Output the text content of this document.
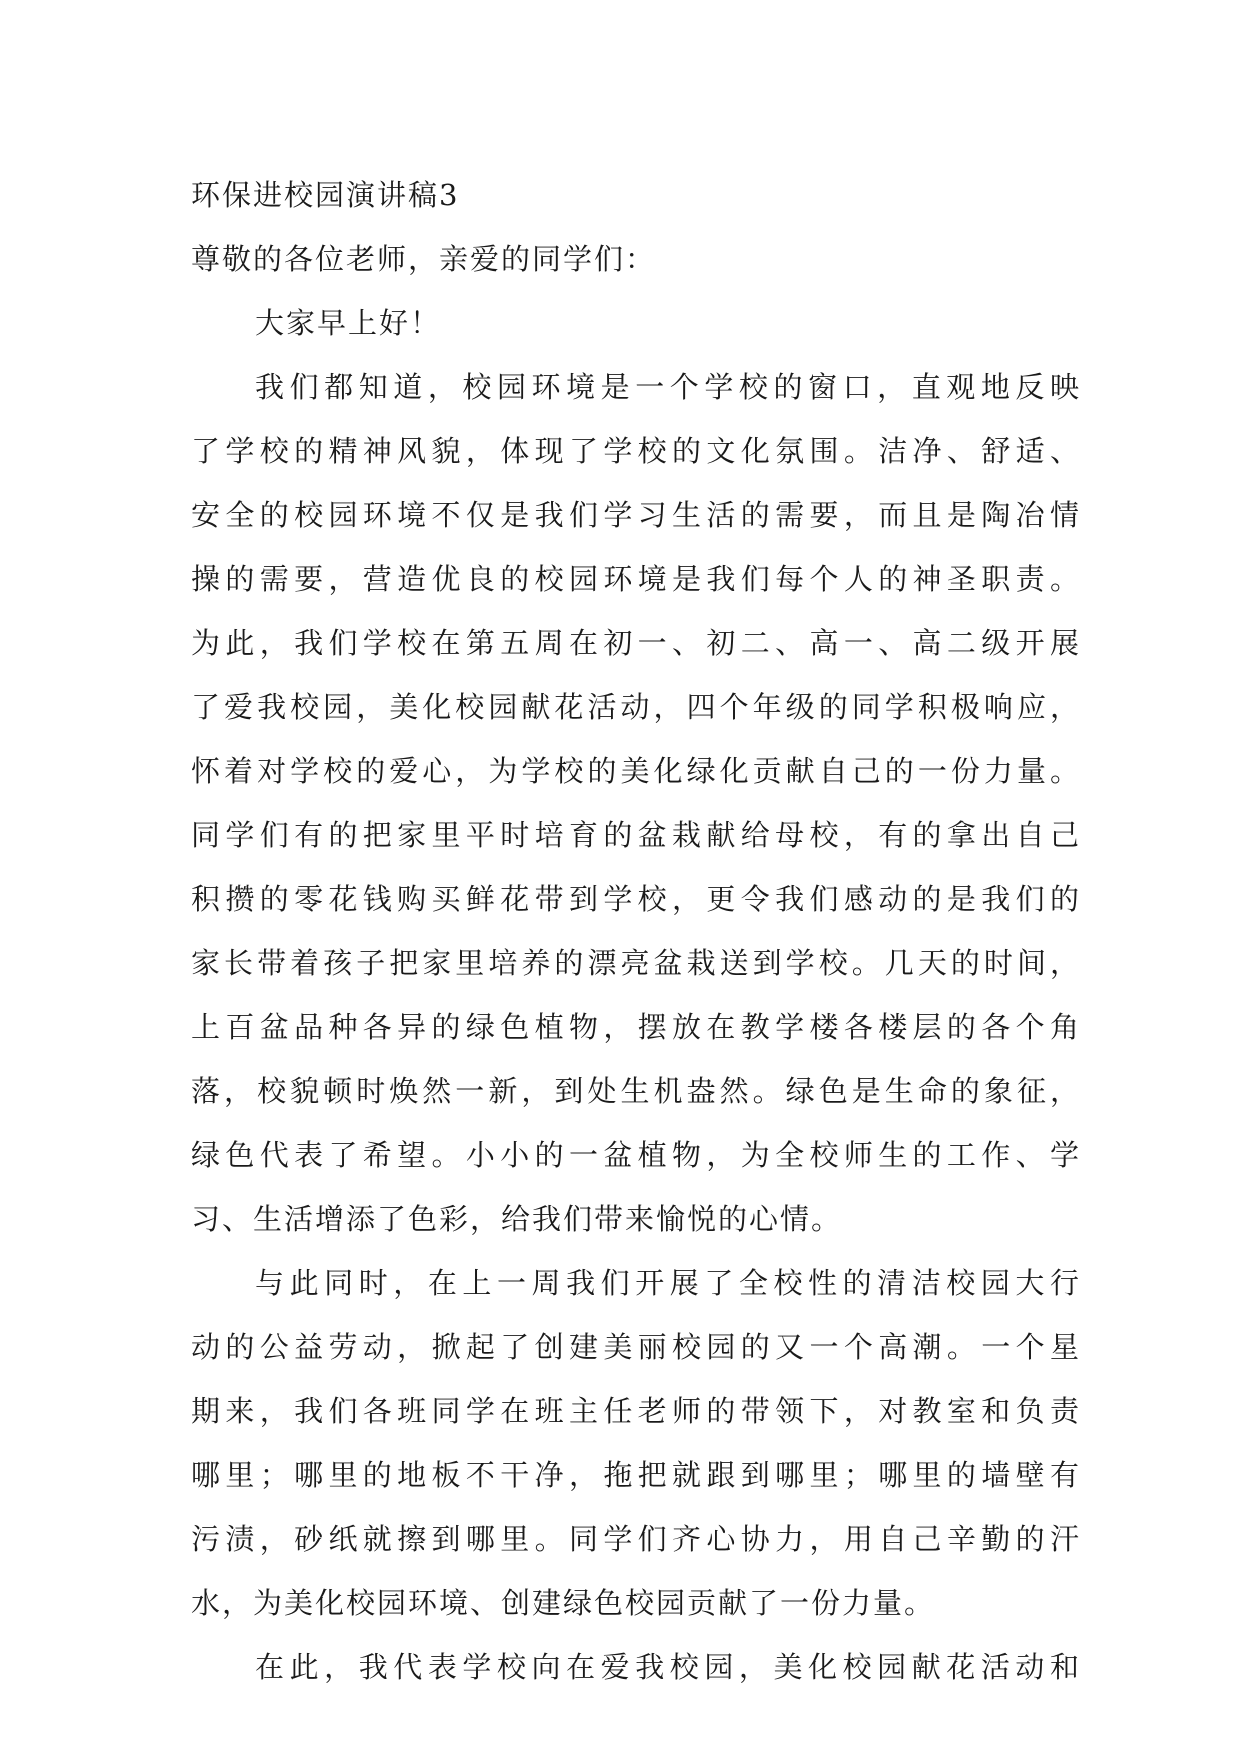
环保进校园演讲稿3
尊敬的各位老师，亲爱的同学们：
大家早上好！
我们都知道，校园环境是一个学校的窗口，直观地反映
了学校的精神风貌，体现了学校的文化氛围。洁净、舒适、
安全的校园环境不仅是我们学习生活的需要，而且是陶冶情
操的需要，营造优良的校园环境是我们每个人的神圣职责。
为此，我们学校在第五周在初一、初二、高一、高二级开展
了爱我校园，美化校园献花活动，四个年级的同学积极响应，
怀着对学校的爱心，为学校的美化绿化贡献自己的一份力量。
同学们有的把家里平时培育的盆栽献给母校，有的拿出自己
积攒的零花钱购买鲜花带到学校，更令我们感动的是我们的
家长带着孩子把家里培养的漂亮盆栽送到学校。几天的时间，
上百盆品种各异的绿色植物，摆放在教学楼各楼层的各个角
落，校貌顿时焕然一新，到处生机盎然。绿色是生命的象征，
绿色代表了希望。小小的一盆植物，为全校师生的工作、学
习、生活增添了色彩，给我们带来愉悦的心情。
与此同时，在上一周我们开展了全校性的清洁校园大行
动的公益劳动，掀起了创建美丽校园的又一个高潮。一个星
期来，我们各班同学在班主任老师的带领下，对教室和负责
哪里；哪里的地板不干净，拖把就跟到哪里；哪里的墙壁有
污渍，砂纸就擦到哪里。同学们齐心协力，用自己辛勤的汗
水，为美化校园环境、创建绿色校园贡献了一份力量。
在此，我代表学校向在爱我校园，美化校园献花活动和
